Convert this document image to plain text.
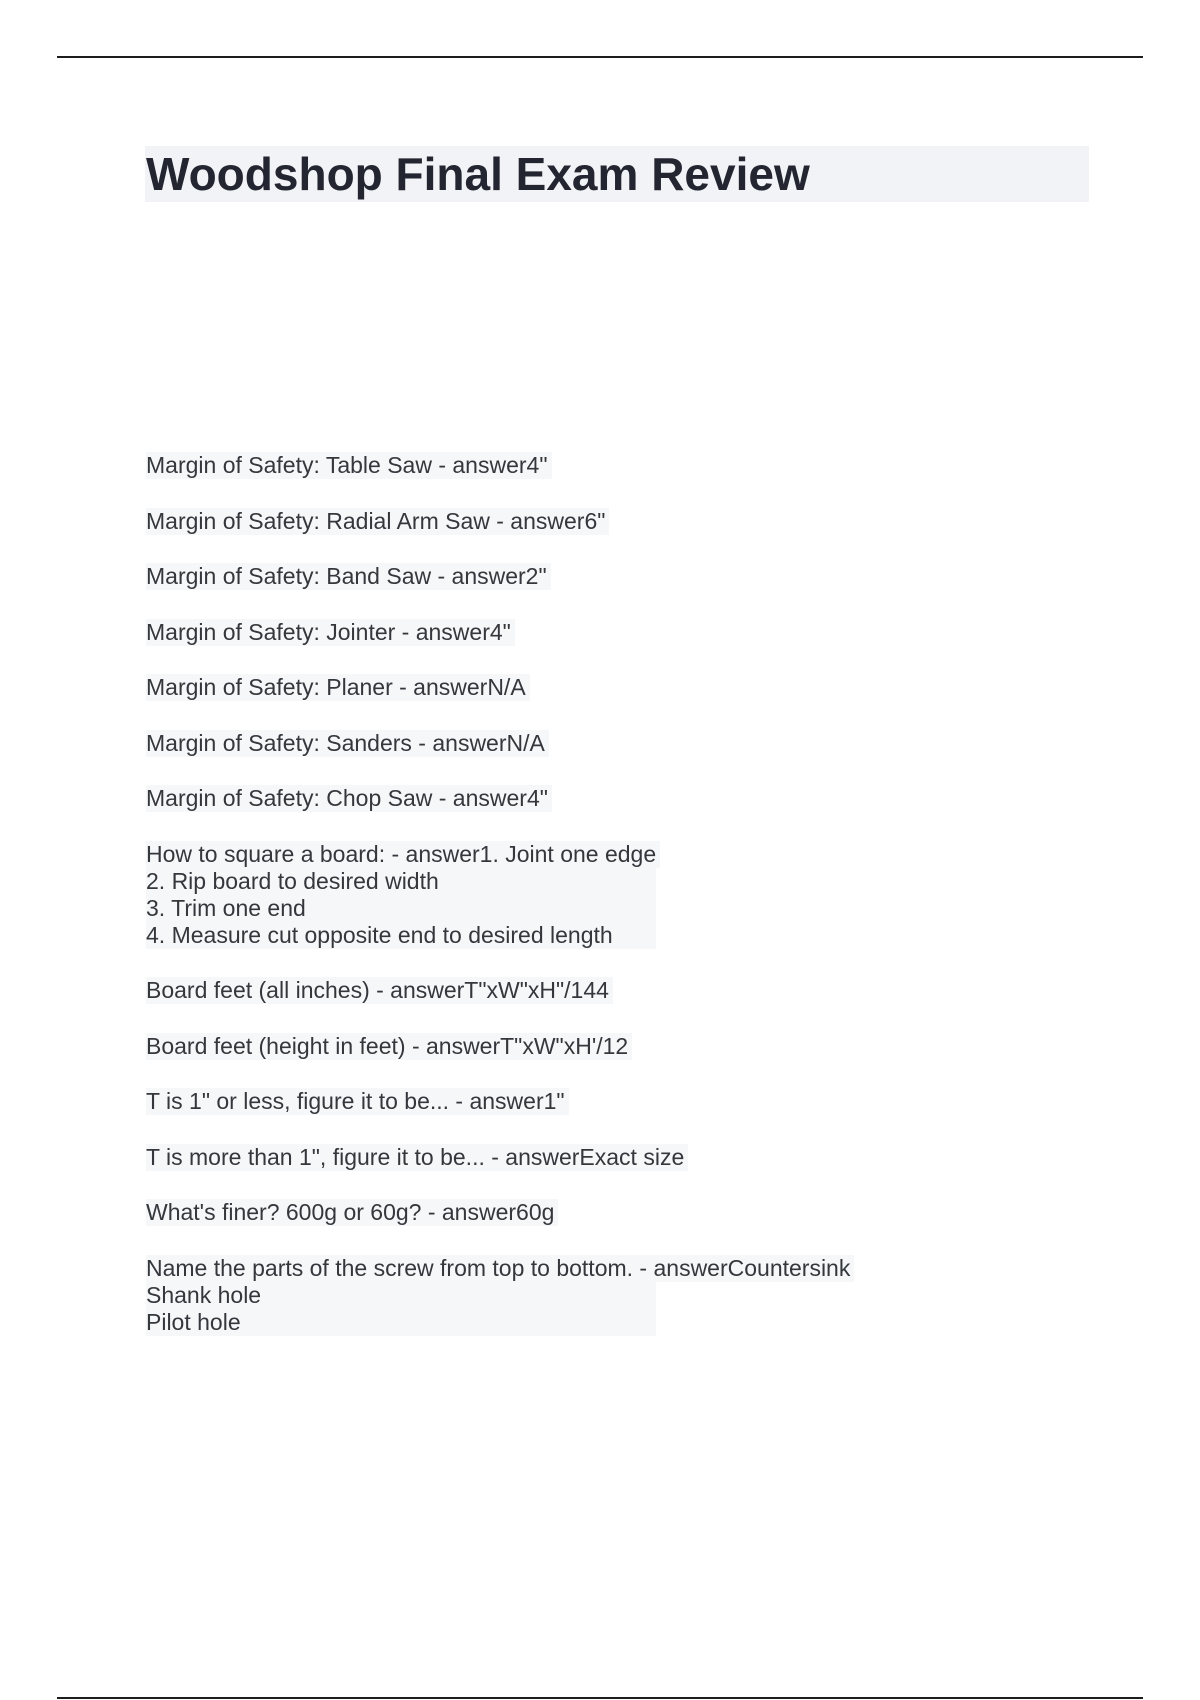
Woodshop Final Exam Review
Margin of Safety: Table Saw - answer4"
Margin of Safety: Radial Arm Saw - answer6"
Margin of Safety: Band Saw - answer2"
Margin of Safety: Jointer - answer4"
Margin of Safety: Planer - answerN/A
Margin of Safety: Sanders - answerN/A
Margin of Safety: Chop Saw - answer4"
How to square a board: - answer1. Joint one edge
2. Rip board to desired width
3. Trim one end
4. Measure cut opposite end to desired length
Board feet (all inches) - answerT"xW"xH"/144
Board feet (height in feet) - answerT"xW"xH'/12
T is 1" or less, figure it to be... - answer1"
T is more than 1", figure it to be... - answerExact size
What's finer? 600g or 60g? - answer60g
Name the parts of the screw from top to bottom. - answerCountersink
Shank hole
Pilot hole
